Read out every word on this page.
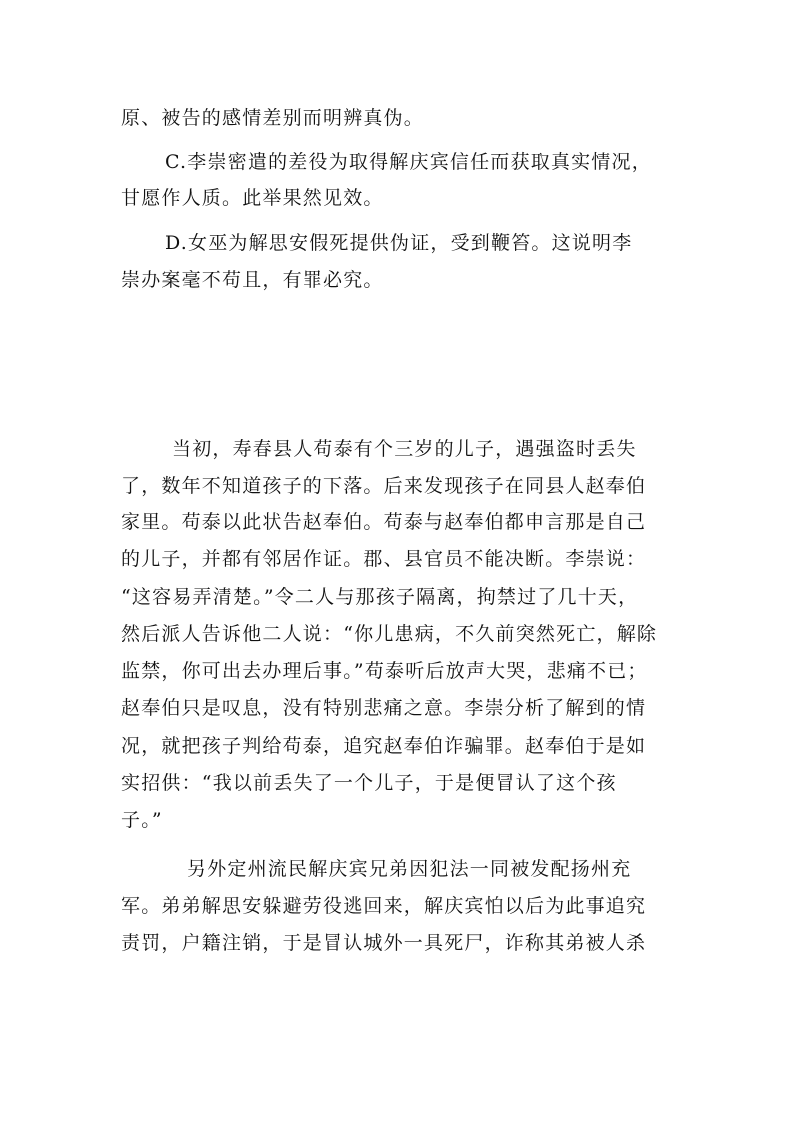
原、被告的感情差别而明辨真伪。
C.李崇密遣的差役为取得解庆宾信任而获取真实情况，
甘愿作人质。此举果然见效。
D.女巫为解思安假死提供伪证，受到鞭笞。这说明李
崇办案毫不苟且，有罪必究。
当初，寿春县人苟泰有个三岁的儿子，遇强盗时丢失
了，数年不知道孩子的下落。后来发现孩子在同县人赵奉伯
家里。苟泰以此状告赵奉伯。苟泰与赵奉伯都申言那是自己
的儿子，并都有邻居作证。郡、县官员不能决断。李崇说：
“这容易弄清楚。”令二人与那孩子隔离，拘禁过了几十天，
然后派人告诉他二人说：“你儿患病，不久前突然死亡，解除
监禁，你可出去办理后事。”苟泰听后放声大哭，悲痛不已；
赵奉伯只是叹息，没有特别悲痛之意。李崇分析了解到的情
况，就把孩子判给苟泰，追究赵奉伯诈骗罪。赵奉伯于是如
实招供：“我以前丢失了一个儿子，于是便冒认了这个孩
子。”
另外定州流民解庆宾兄弟因犯法一同被发配扬州充
军。弟弟解思安躲避劳役逃回来，解庆宾怕以后为此事追究
责罚，户籍注销，于是冒认城外一具死尸，诈称其弟被人杀
